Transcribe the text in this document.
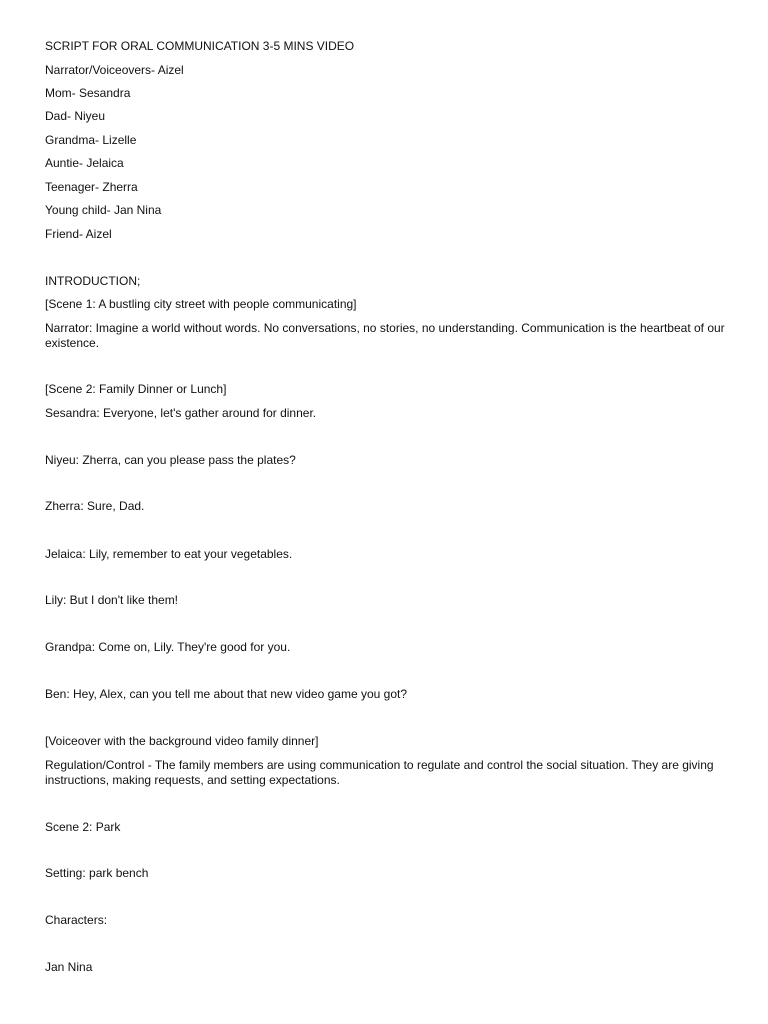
SCRIPT FOR ORAL COMMUNICATION 3-5 MINS VIDEO

Narrator/Voiceovers- Aizel

Mom- Sesandra

Dad- Niyeu

Grandma- Lizelle

Auntie- Jelaica

Teenager- Zherra

Young child- Jan Nina

Friend- Aizel

INTRODUCTION;

[Scene 1: A bustling city street with people communicating]

Narrator: Imagine a world without words. No conversations, no stories, no understanding. Communication is the heartbeat of our existence.

[Scene 2: Family Dinner or Lunch]

Sesandra: Everyone, let's gather around for dinner.

Niyeu: Zherra, can you please pass the plates?

Zherra: Sure, Dad.

Jelaica: Lily, remember to eat your vegetables.

Lily: But I don't like them!

Grandpa: Come on, Lily. They're good for you.

Ben: Hey, Alex, can you tell me about that new video game you got?

[Voiceover with the background video family dinner]

Regulation/Control - The family members are using communication to regulate and control the social situation. They are giving instructions, making requests, and setting expectations.

Scene 2: Park

Setting: park bench

Characters:

Jan Nina
